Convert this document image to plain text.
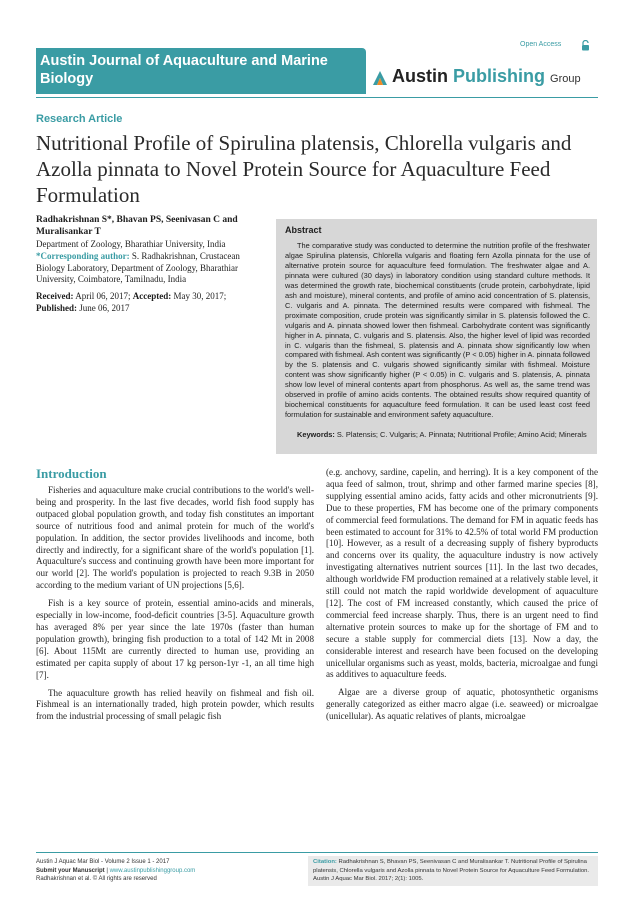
Austin Journal of Aquaculture and Marine Biology
Open Access
Austin Publishing Group
Research Article
Nutritional Profile of Spirulina platensis, Chlorella vulgaris and Azolla pinnata to Novel Protein Source for Aquaculture Feed Formulation
Radhakrishnan S*, Bhavan PS, Seenivasan C and Muralisankar T
Department of Zoology, Bharathiar University, India
*Corresponding author: S. Radhakrishnan, Crustacean Biology Laboratory, Department of Zoology, Bharathiar University, Coimbatore, Tamilnadu, India
Received: April 06, 2017; Accepted: May 30, 2017;
Published: June 06, 2017
Abstract
The comparative study was conducted to determine the nutrition profile of the freshwater algae Spirulina platensis, Chlorella vulgaris and floating fern Azolla pinnata for the use of alternative protein source for aquaculture feed formulation. The freshwater algae and A. pinnata were cultured (30 days) in laboratory condition using standard culture methods. It was determined the growth rate, biochemical constituents (crude protein, carbohydrate, lipid ash and moisture), mineral contents, and profile of amino acid concentration of S. platensis, C. vulgaris and A. pinnata. The determined results were compared with fishmeal. The proximate composition, crude protein was significantly similar in S. platensis followed the C. vulgaris and A. pinnata showed lower then fishmeal. Carbohydrate content was significantly higher in A. pinnata, C. vulgaris and S. platensis. Also, the higher level of lipid was recorded in C. vulgaris than the fishmeal, S. platensis and A. pinnata show significantly low when compared with fishmeal. Ash content was significantly (P < 0.05) higher in A. pinnata followed by the S. platensis and C. vulgaris showed significantly similar with fishmeal. Moisture content was show significantly higher (P < 0.05) in C. vulgaris and S. platensis, A. pinnata show low level of mineral contents apart from phosphorus. As well as, the same trend was observed in profile of amino acids contents. The obtained results show required quantity of biochemical constituents for aquaculture feed formulation. It can be used least cost feed formulation for sustainable and environment safety aquaculture.
Keywords: S. Platensis; C. Vulgaris; A. Pinnata; Nutritional Profile; Amino Acid; Minerals
Introduction

Fisheries and aquaculture make crucial contributions to the world's well-being and prosperity. In the last five decades, world fish food supply has outpaced global population growth, and today fish constitutes an important source of nutritious food and animal protein for much of the world's population. In addition, the sector provides livelihoods and income, both directly and indirectly, for a significant share of the world's population [1]. Aquaculture's success and continuing growth have been more important for our world [2]. The world's population is projected to reach 9.3B in 2050 according to the medium variant of UN projections [5,6].

Fish is a key source of protein, essential amino-acids and minerals, especially in low-income, food-deficit countries [3-5]. Aquaculture growth has averaged 8% per year since the late 1970s (faster than human population growth), bringing fish production to a total of 142 Mt in 2008 [6]. About 115Mt are currently directed to human use, providing an estimated per capita supply of about 17 kg person-1yr -1, an all time high [7].

The aquaculture growth has relied heavily on fishmeal and fish oil. Fishmeal is an internationally traded, high protein powder, which results from the industrial processing of small pelagic fish

(e.g. anchovy, sardine, capelin, and herring). It is a key component of the aqua feed of salmon, trout, shrimp and other farmed marine species [8], supplying essential amino acids, fatty acids and other micronutrients [9]. Due to these properties, FM has become one of the primary components of commercial feed formulations. The demand for FM in aquatic feeds has been estimated to account for 31% to 42.5% of total world FM production [10]. However, as a result of a decreasing supply of fishery byproducts and concerns over its quality, the aquaculture industry is now actively investigating alternatives nutrient sources [11]. In the last two decades, although worldwide FM production remained at a relatively stable level, it still could not match the rapid worldwide development of aquaculture [12]. The cost of FM increased constantly, which caused the price of commercial feed increase sharply. Thus, there is an urgent need to find alternative protein sources to make up for the shortage of FM and to secure a stable supply for commercial diets [13]. Now a day, the considerable interest and research have been focused on the developing unicellular organisms such as yeast, molds, bacteria, microalgae and fungi as additives to aquaculture feeds.

Algae are a diverse group of aquatic, photosynthetic organisms generally categorized as either macro algae (i.e. seaweed) or microalgae (unicellular). As aquatic relatives of plants, microalgae

Austin J Aquac Mar Biol - Volume 2 Issue 1 - 2017
Submit your Manuscript | www.austinpublishinggroup.com
Radhakrishnan et al. © All rights are reserved
Citation: Radhakrishnan S, Bhavan PS, Seenivasan C and Muralisankar T. Nutritional Profile of Spirulina platensis, Chlorella vulgaris and Azolla pinnata to Novel Protein Source for Aquaculture Feed Formulation. Austin J Aquac Mar Biol. 2017; 2(1): 1005.
